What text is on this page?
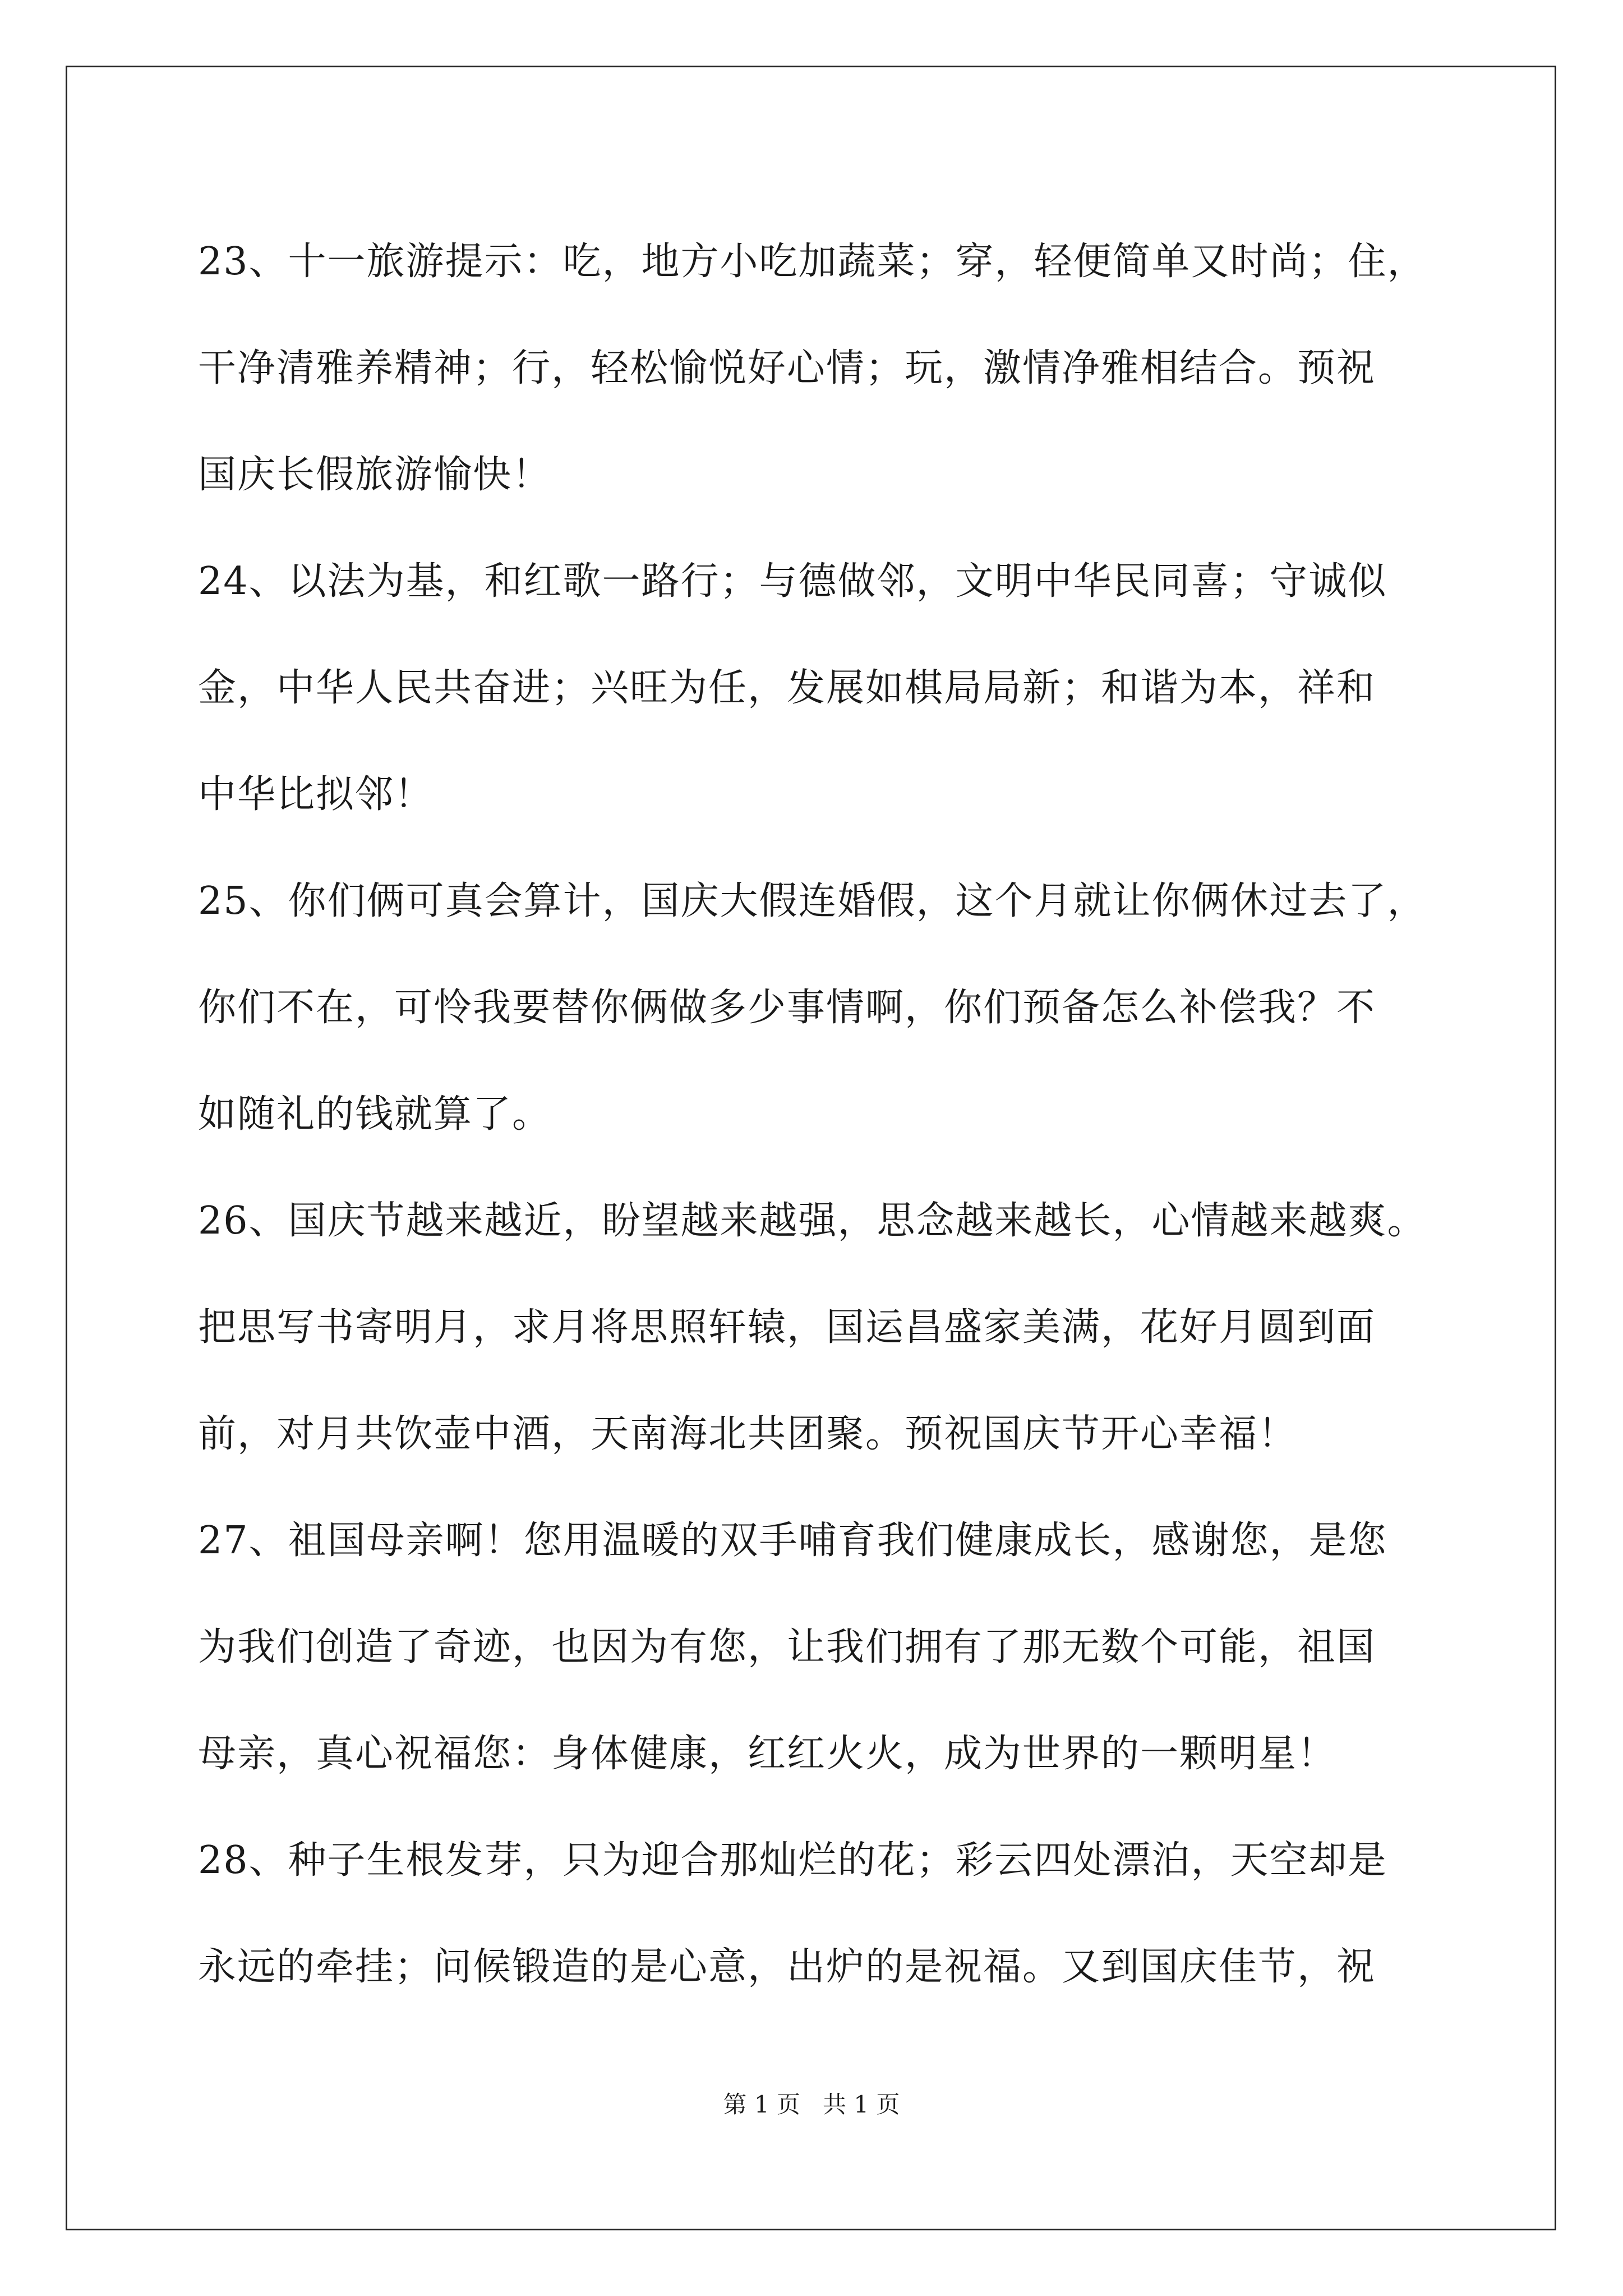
23、十一旅游提示：吃，地方小吃加蔬菜；穿，轻便简单又时尚；住，
干净清雅养精神；行，轻松愉悦好心情；玩，激情净雅相结合。预祝
国庆长假旅游愉快！
24、以法为基，和红歌一路行；与德做邻，文明中华民同喜；守诚似
金，中华人民共奋进；兴旺为任，发展如棋局局新；和谐为本，祥和
中华比拟邻！
25、你们俩可真会算计，国庆大假连婚假，这个月就让你俩休过去了，
你们不在，可怜我要替你俩做多少事情啊，你们预备怎么补偿我？不
如随礼的钱就算了。
26、国庆节越来越近，盼望越来越强，思念越来越长，心情越来越爽。
把思写书寄明月，求月将思照轩辕，国运昌盛家美满，花好月圆到面
前，对月共饮壶中酒，天南海北共团聚。预祝国庆节开心幸福！
27、祖国母亲啊！您用温暖的双手哺育我们健康成长，感谢您，是您
为我们创造了奇迹，也因为有您，让我们拥有了那无数个可能，祖国
母亲，真心祝福您：身体健康，红红火火，成为世界的一颗明星！
28、种子生根发芽，只为迎合那灿烂的花；彩云四处漂泊，天空却是
永远的牵挂；问候锻造的是心意，出炉的是祝福。又到国庆佳节，祝
第 1 页   共 1 页
